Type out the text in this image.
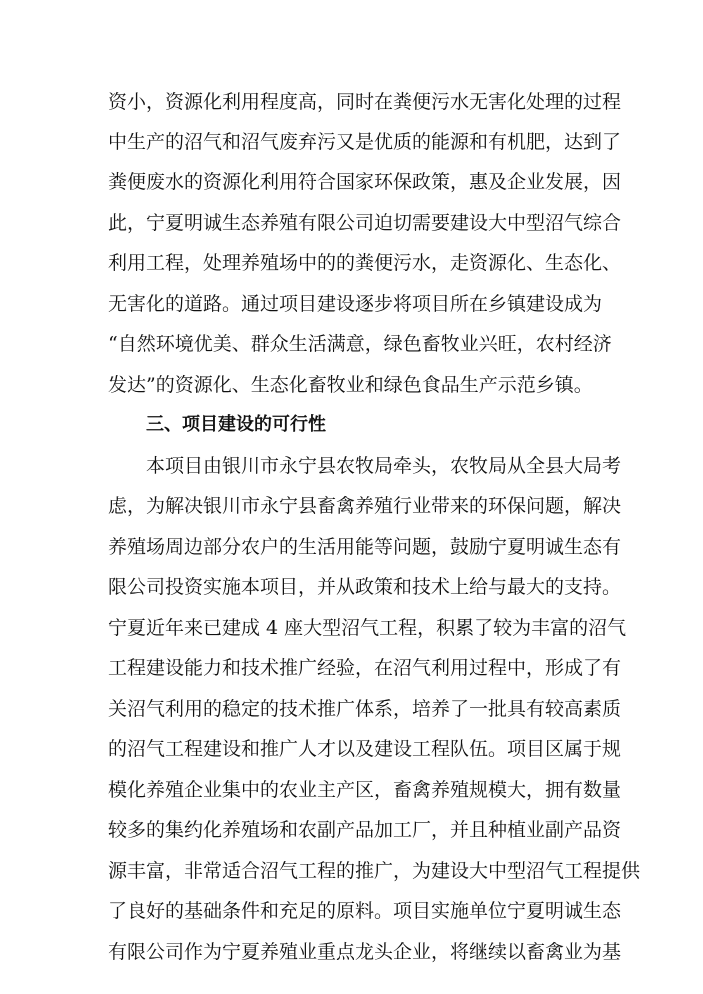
资小，资源化利用程度高，同时在粪便污水无害化处理的过程
中生产的沼气和沼气废弃污又是优质的能源和有机肥，达到了
粪便废水的资源化利用符合国家环保政策，惠及企业发展，因
此，宁夏明诚生态养殖有限公司迫切需要建设大中型沼气综合
利用工程，处理养殖场中的的粪便污水，走资源化、生态化、
无害化的道路。通过项目建设逐步将项目所在乡镇建设成为
“自然环境优美、群众生活满意，绿色畜牧业兴旺，农村经济
发达”的资源化、生态化畜牧业和绿色食品生产示范乡镇。
三、项目建设的可行性
本项目由银川市永宁县农牧局牵头，农牧局从全县大局考
虑，为解决银川市永宁县畜禽养殖行业带来的环保问题，解决
养殖场周边部分农户的生活用能等问题，鼓励宁夏明诚生态有
限公司投资实施本项目，并从政策和技术上给与最大的支持。
宁夏近年来已建成 4 座大型沼气工程，积累了较为丰富的沼气
工程建设能力和技术推广经验，在沼气利用过程中，形成了有
关沼气利用的稳定的技术推广体系，培养了一批具有较高素质
的沼气工程建设和推广人才以及建设工程队伍。项目区属于规
模化养殖企业集中的农业主产区，畜禽养殖规模大，拥有数量
较多的集约化养殖场和农副产品加工厂，并且种植业副产品资
源丰富，非常适合沼气工程的推广，为建设大中型沼气工程提供
了良好的基础条件和充足的原料。项目实施单位宁夏明诚生态
有限公司作为宁夏养殖业重点龙头企业，将继续以畜禽业为基
